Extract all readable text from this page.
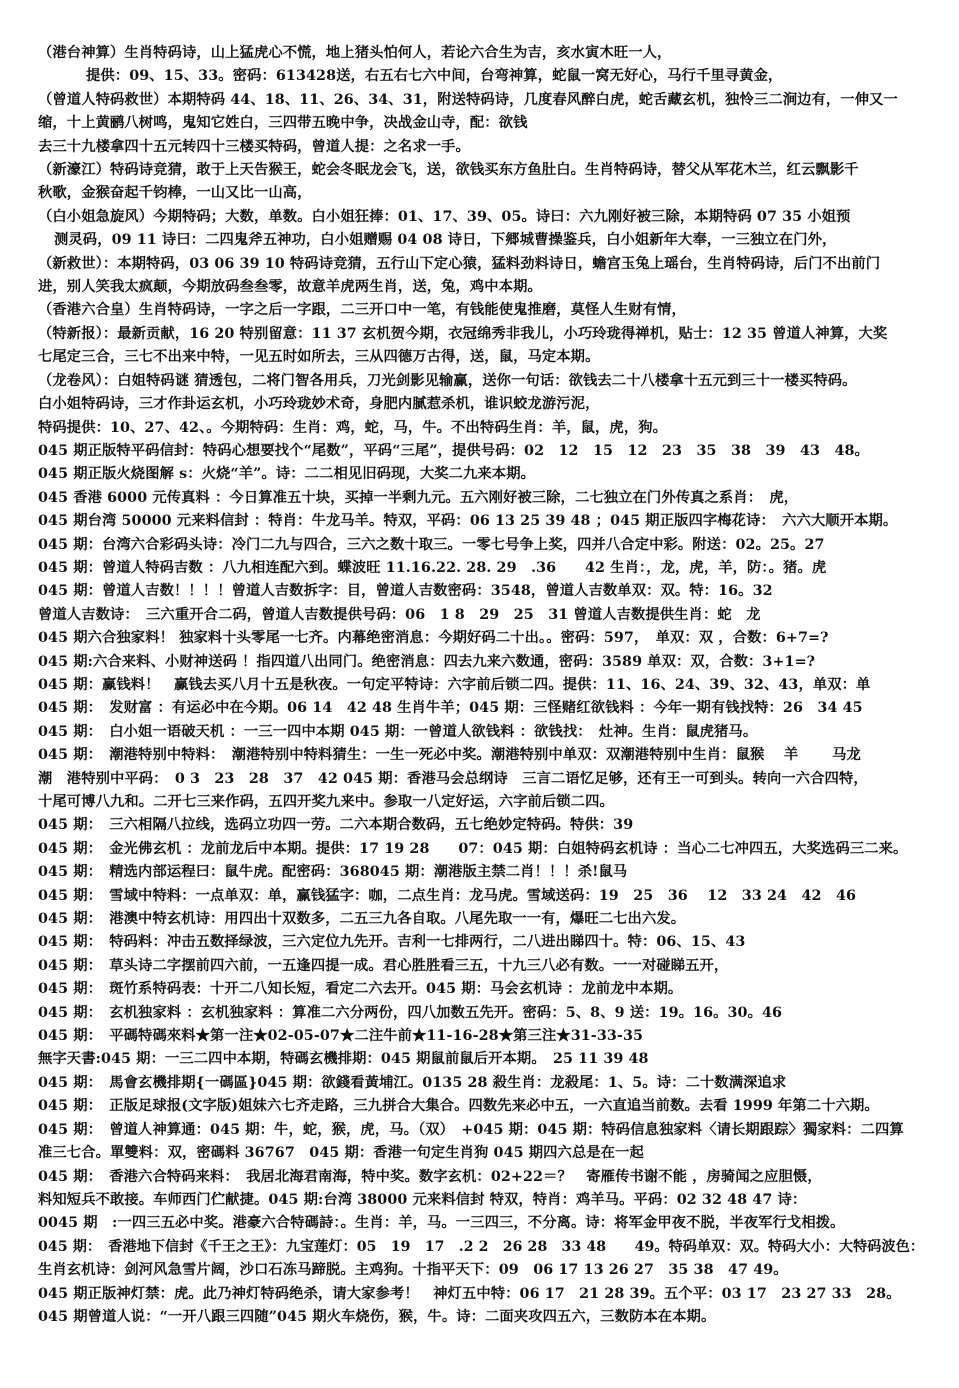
（港台神算）生肖特码诗，山上猛虎心不慌，地上猪头怕何人，若论六合生为吉，亥水寅木旺一人，
提供：09、15、33。密码：613428送，右五右七六中间，台弯神算，蛇鼠一窝无好心，马行千里寻黄金，
（曾道人特码救世）本期特码 44、18、11、26、34、31，附送特码诗，几度春风醉白虎，蛇舌藏玄机，独怜三二涧边有，一伸又一
缩，十上黄鹂八树鸣，鬼知它姓白，三四带五晚中争，决战金山寺，配：欲钱
去三十九楼拿四十五元转四十三楼买特码，曾道人提：之名求一手。
（新濠江）特码诗竞猜，敢于上天告猴王，蛇会冬眠龙会飞，送，欲钱买东方鱼肚白。生肖特码诗，替父从军花木兰，红云飘影千
秋歌，金猴奋起千钧棒，一山又比一山高，
（白小姐急旋风）今期特码；大数，单数。白小姐狂捧：01、17、39、05。诗曰：六九刚好被三除，本期特码 07 35 小姐预
测灵码，09 11 诗曰：二四鬼斧五神功，白小姐赠赐 04 08 诗日，下郷城曹操鉴兵，白小姐新年大奉，一三独立在门外，
（新救世）：本期特码，03 06 39 10 特码诗竞猜，五行山下定心猿，猛料劲料诗日，蟾宫玉兔上瑶台，生肖特码诗，后门不出前门
进，别人笑我太疯颠，今期放码叁叁零，故意羊虎两生肖，送，兔，鸡中本期。
（香港六合皇）生肖特码诗，一字之后一字跟，二三开口中一笔，有钱能使鬼推磨，莫怪人生财有情，
（特新报）：最新贡献，16 20 特别留意：11 37 玄机贺今期，衣冠绵秀非我儿，小巧玲珑得禅机，贴士：12 35 曾道人神算，大奖
七尾定三合，三七不出来中特，一见五时如所去，三从四德万古得，送，鼠，马定本期。
（龙卷风）：白姐特码谜 猜透包，二将门智各用兵，刀光剑影见输赢，送你一句话：欲钱去二十八楼拿十五元到三十一楼买特码。
白小姐特码诗，三才作卦运玄机，小巧玲珑妙术奇，身肥内腻惹杀机，谁识蛟龙游污泥，
特码提供：10、27、42、。今期特码：生肖：鸡，蛇，马，牛。不出特码生肖：羊，鼠，虎，狗。
045 期正版特平码信封：特码心想要找个“尾数”，平码“三尾”，提供号码：02　12　15　12　23　35　38　39　43　48。
045 期正版火烧图解 s：火烧“羊”。诗：二二相见旧码现，大奖二九来本期。
045 香港 6000 元传真料 ：今日算准五十块，买掉一半剩九元。五六刚好被三除，二七独立在门外传真之系肖：　虎，
045 期台湾 50000 元来料信封 ：特肖：牛龙马羊。特双，平码：06 13 25 39 48 ；045 期正版四字梅花诗：　六六大顺开本期。
045 期：台湾六合彩码头诗：冷门二九与四合，三六之数十取三。一零七号争上奖，四并八合定中彩。附送：02。25。27
045 期：曾道人特码吉数 ：八九相连配六到。蝶波旺 11.16.22. 28. 29　.36　　42 生肖：，龙，虎，羊，防：。猪。虎
045 期：曾道人吉数！！！！曾道人吉数拆字：目，曾道人吉数密码：3548，曾道人吉数单双：双。特：16。32
曾道人吉数诗：　三六重开合二码，曾道人吉数提供号码：06　1 8　29　25　31 曾道人吉数提供生肖：蛇　龙
045 期六合独家料！ 独家料十头零尾一七齐。内幕绝密消息：今期好码二十出。。密码：597，　单双：双 ，合数：6+7=?
045 期:六合来料、小财神送码 ！指四道八出同门。绝密消息：四去九来六数通，密码：3589 单双：双，合数：3+1=?
045 期：赢钱料！　赢钱去买八月十五是秋夜。一句定平特诗：六字前后锁二四。提供：11、16、24、39、32、43，单双：单
045 期：　发财富 ：有运必中在今期。06 14　42 48 生肖牛羊；045 期：三怪赌红欲钱料 ：今年一期有钱找特：26　34 45
045 期：　白小姐一语破天机 ：一三一四中本期 045 期：一曾道人欲钱料 ：欲钱找：　灶神。生肖：鼠虎猪马。
045 期：　潮港特别中特料：　潮港特别中特料猜生：一生一死必中奖。潮港特别中单双：双潮港特别中生肖：鼠猴　 羊　　 马龙
潮　港特别中平码：　0 3　23　28　37　42 045 期：香港马会总纲诗　三言二语忆足够，还有王一可到头。转向一六合四特，
十尾可博八九和。二开七三来作码，五四开奖九来中。参取一八定好运，六字前后锁二四。
045 期：　三六相隔八拉线，选码立功四一劳。二六本期合数码，五七绝妙定特码。特供：39
045 期：　金光佛玄机 ：龙前龙后中本期。提供：17 19 28　　07：045 期：白姐特码玄机诗 ：当心二七冲四五，大奖选码三二来。
045 期：　精选内部运程曰：鼠牛虎。配密码：368045 期：潮港版主禁二肖！！！杀!鼠马
045 期：　雪域中特料：一点单双：单，赢钱猛字：咖，二点生肖：龙马虎。雪域送码：19　25　36　 12　33 24　42　46
045 期：　港澳中特玄机诗：用四出十双数多，二五三九各自取。八尾先取一一有，爆旺二七出六发。
045 期：　特码料：冲击五数择绿波，三六定位九先开。吉利一七排两行，二八进出睇四十。特：06、15、43
045 期：　草头诗二字摆前四六前，一五逢四提一成。君心胜胜看三五，十九三八必有数。一一对碰睇五开，
045 期：　斑竹系特码表：十开二八知长短，看定二六去开。045 期：马会玄机诗 ：龙前龙中本期。
045 期：　玄机独家料 ：玄机独家料 ：算准二六分两份，四八加数五先开。密码：5、8、9 送：19。16。30。46
045 期：　平碼特碼來料★第一注★02-05-07★二注牛前★11-16-28★第三注★31-33-35
無字天書:045 期：一三二四中本期，特碼玄機排期：045 期鼠前鼠后开本期。　25 11 39 48
045 期：　馬會玄機排期{一碼區}045 期：欲錢看黃埔江。0135 28 殺生肖：龙殺尾：1、5。诗：二十数满深追求
045 期：　正版足球报(文字版)姐妹六七齐走路，三九拼合大集合。四数先来必中五，一六直追当前数。去看 1999 年第二十六期。
045 期：　曾道人神算通：045 期：牛，蛇，猴，虎，马。（双）　+045 期：045 期：特码信息独家料〈请长期跟踪〉獨家料：二四算
准三七合。單雙料：双，密碼料 36767　045 期：香港一句定生肖狗 045 期四六总是在一起
045 期：　香港六合特码来料：　我居北海君南海，特中奖。数字玄机：02+22＝？　寄雁传书谢不能 ，房骑闻之应胆慑，
料知短兵不敢接。车师西门伫献捷。045 期:台湾 38000 元来料信封 特双，特肖：鸡羊马。平码：02 32 48 47 诗：
0045 期　:一四三五必中奖。港豪六合特碼詩：。生肖：羊，马。一三四三，不分离。诗：将军金甲夜不脱，半夜军行戈相拨。
045 期：　香港地下信封《千王之王》：九宝莲灯：05　19　17　.2 2　26 28　33 48　　49。特码单双：双。特码大小：大特码波色：
生肖玄机诗：剑河风急雪片阔，沙口石冻马蹄脱。主鸡狗。十指平天下：09　06 17 13 26 27　35 38　47 49。
045 期正版神灯禁：虎。此乃神灯特码绝杀，请大家参考！　神灯五中特：06 17　21 28 39。五个平：03 17　23 27 33　28。
045 期曾道人说：“一开八跟三四随”045 期火车烧伤，猴，牛。诗：二面夹攻四五六，三数防本在本期。
